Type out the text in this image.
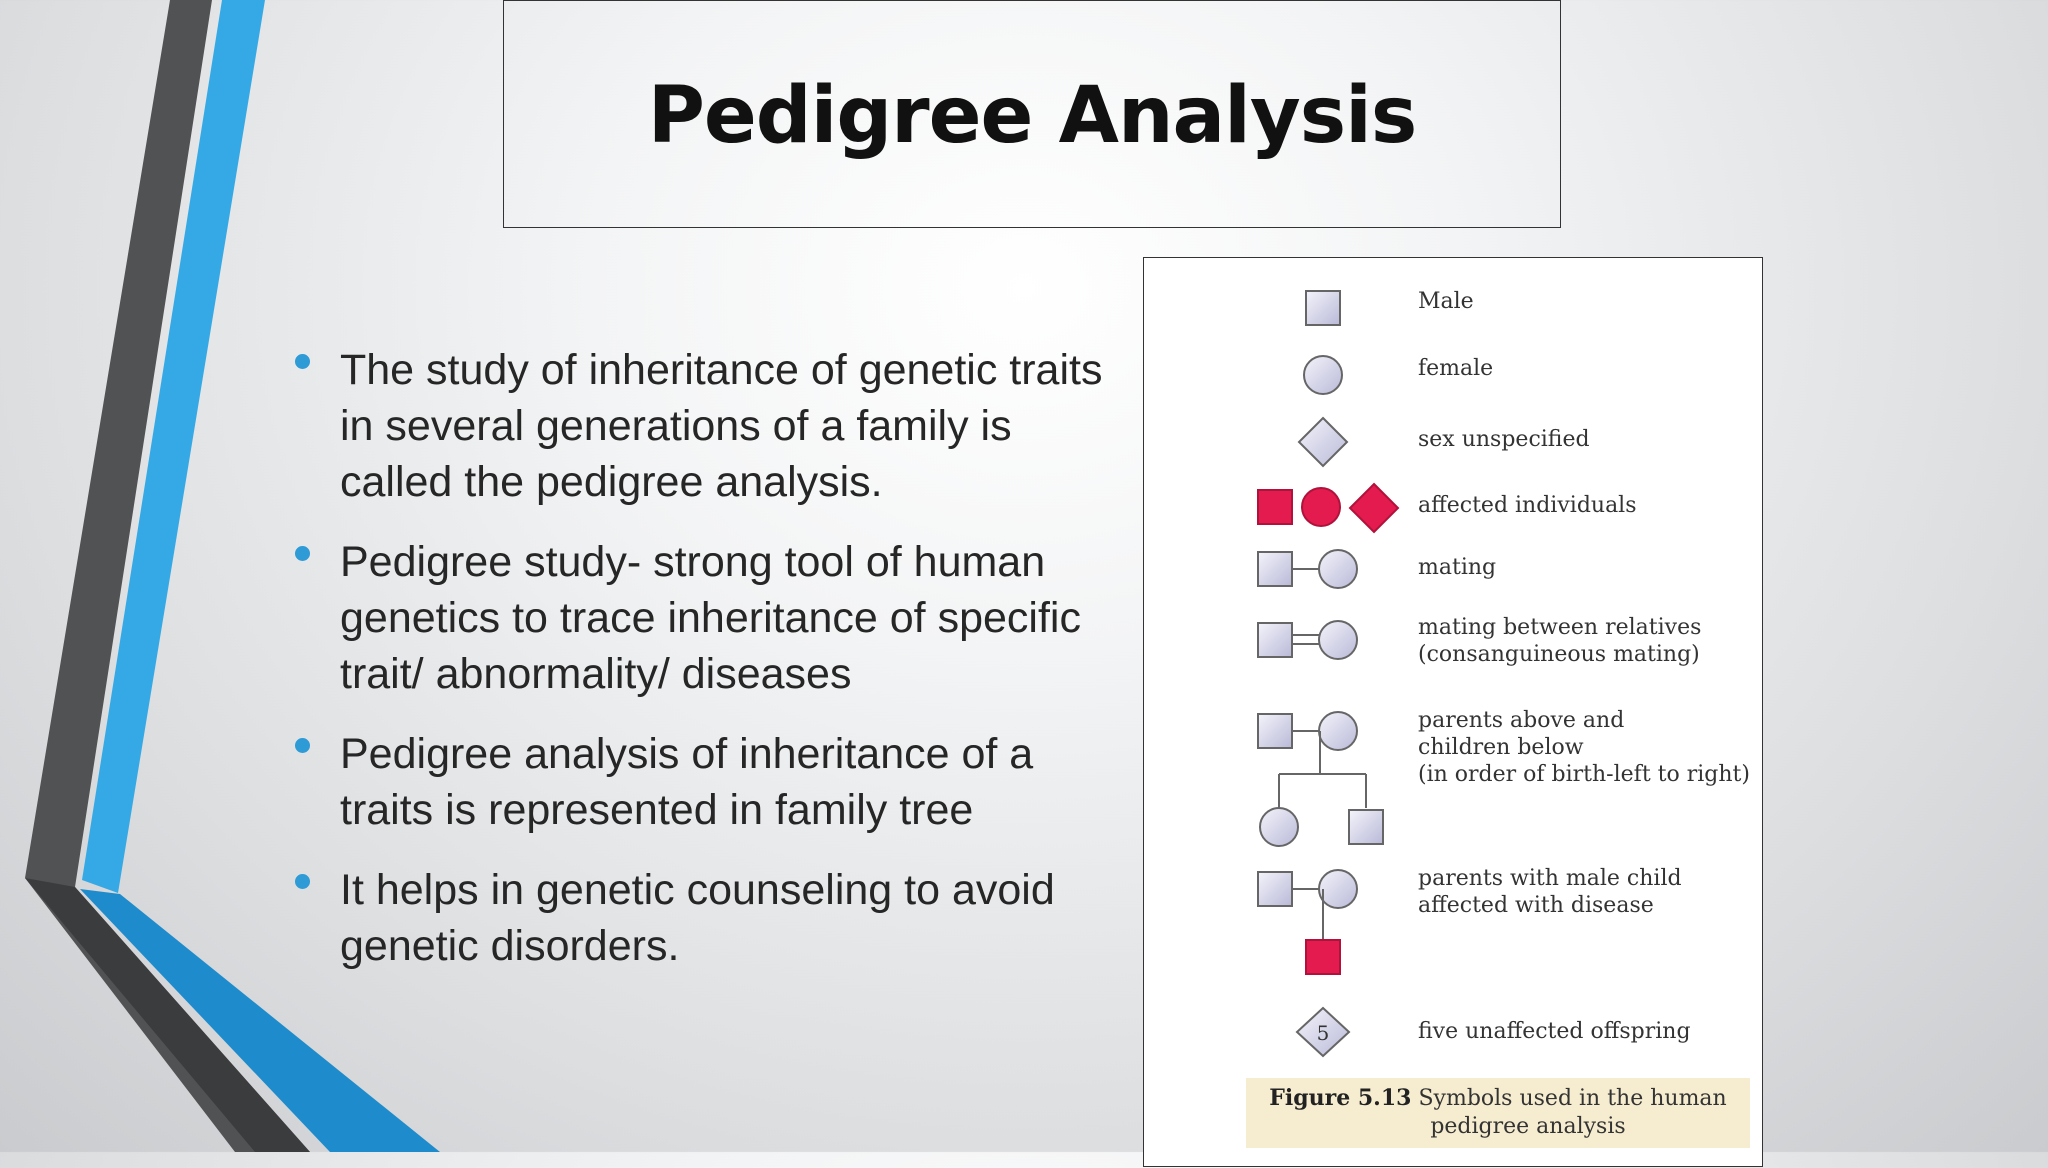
Pedigree Analysis
The study of inheritance of genetic traits in several generations of a family is called the pedigree analysis.
Pedigree study- strong tool of human genetics to trace inheritance of specific trait/ abnormality/ diseases
Pedigree analysis of inheritance of a traits is represented in family tree
It helps in genetic counseling to avoid genetic disorders.
5
Male
female
sex unspecified
affected individuals
mating
mating between relatives
(consanguineous mating)
parents above and
children below
(in order of birth-left to right)
parents with male child
affected with disease
five unaffected offspring
Figure 5.13 Symbols used in the human
pedigree analysis
